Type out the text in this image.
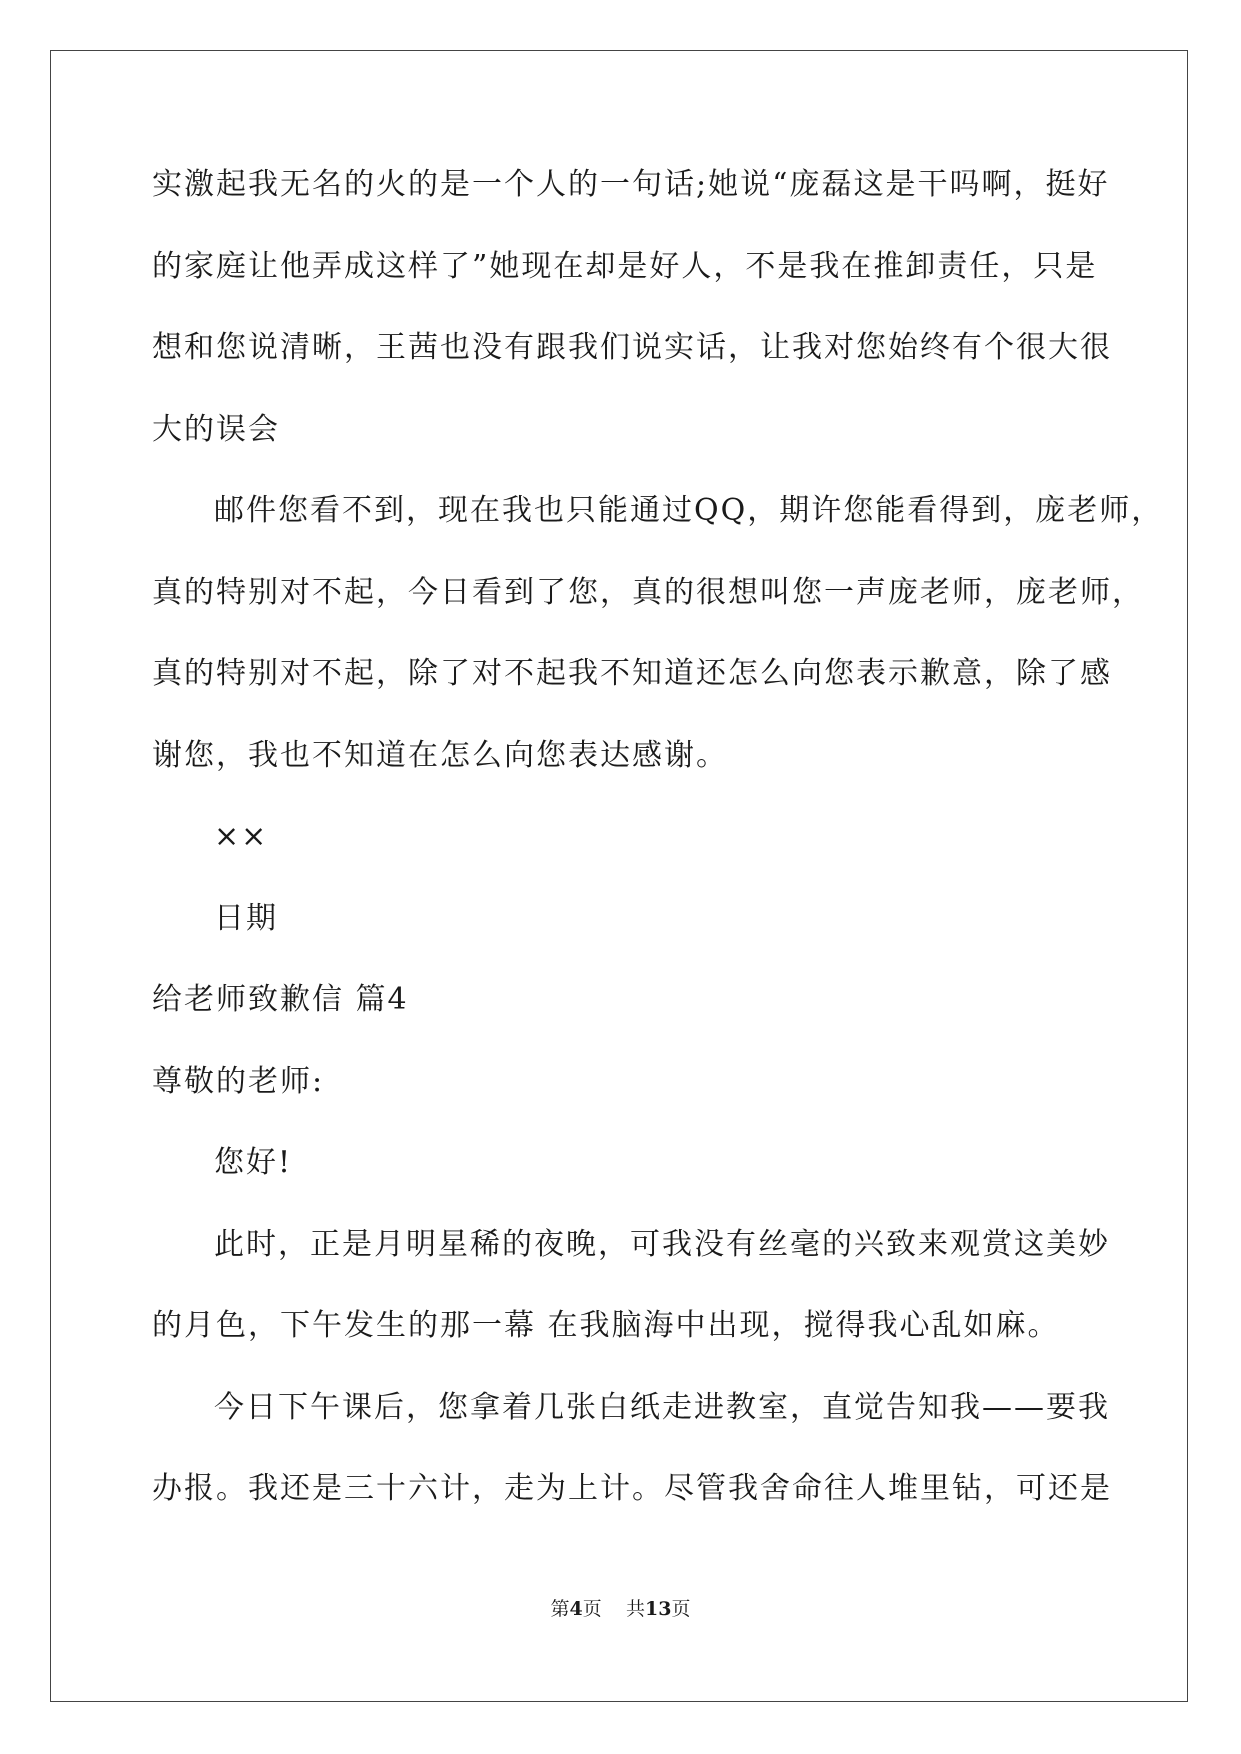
实激起我无名的火的是一个人的一句话;她说“庞磊这是干吗啊，挺好
的家庭让他弄成这样了”她现在却是好人，不是我在推卸责任，只是
想和您说清晰，王茜也没有跟我们说实话，让我对您始终有个很大很
大的误会
邮件您看不到，现在我也只能通过QQ，期许您能看得到，庞老师，
真的特别对不起，今日看到了您，真的很想叫您一声庞老师，庞老师，
真的特别对不起，除了对不起我不知道还怎么向您表示歉意，除了感
谢您，我也不知道在怎么向您表达感谢。
××
日期
给老师致歉信 篇4
尊敬的老师:
您好!
此时，正是月明星稀的夜晚，可我没有丝毫的兴致来观赏这美妙
的月色，下午发生的那一幕 在我脑海中出现，搅得我心乱如麻。
今日下午课后，您拿着几张白纸走进教室，直觉告知我——要我
办报。我还是三十六计，走为上计。尽管我舍命往人堆里钻，可还是
第4页 共13页
